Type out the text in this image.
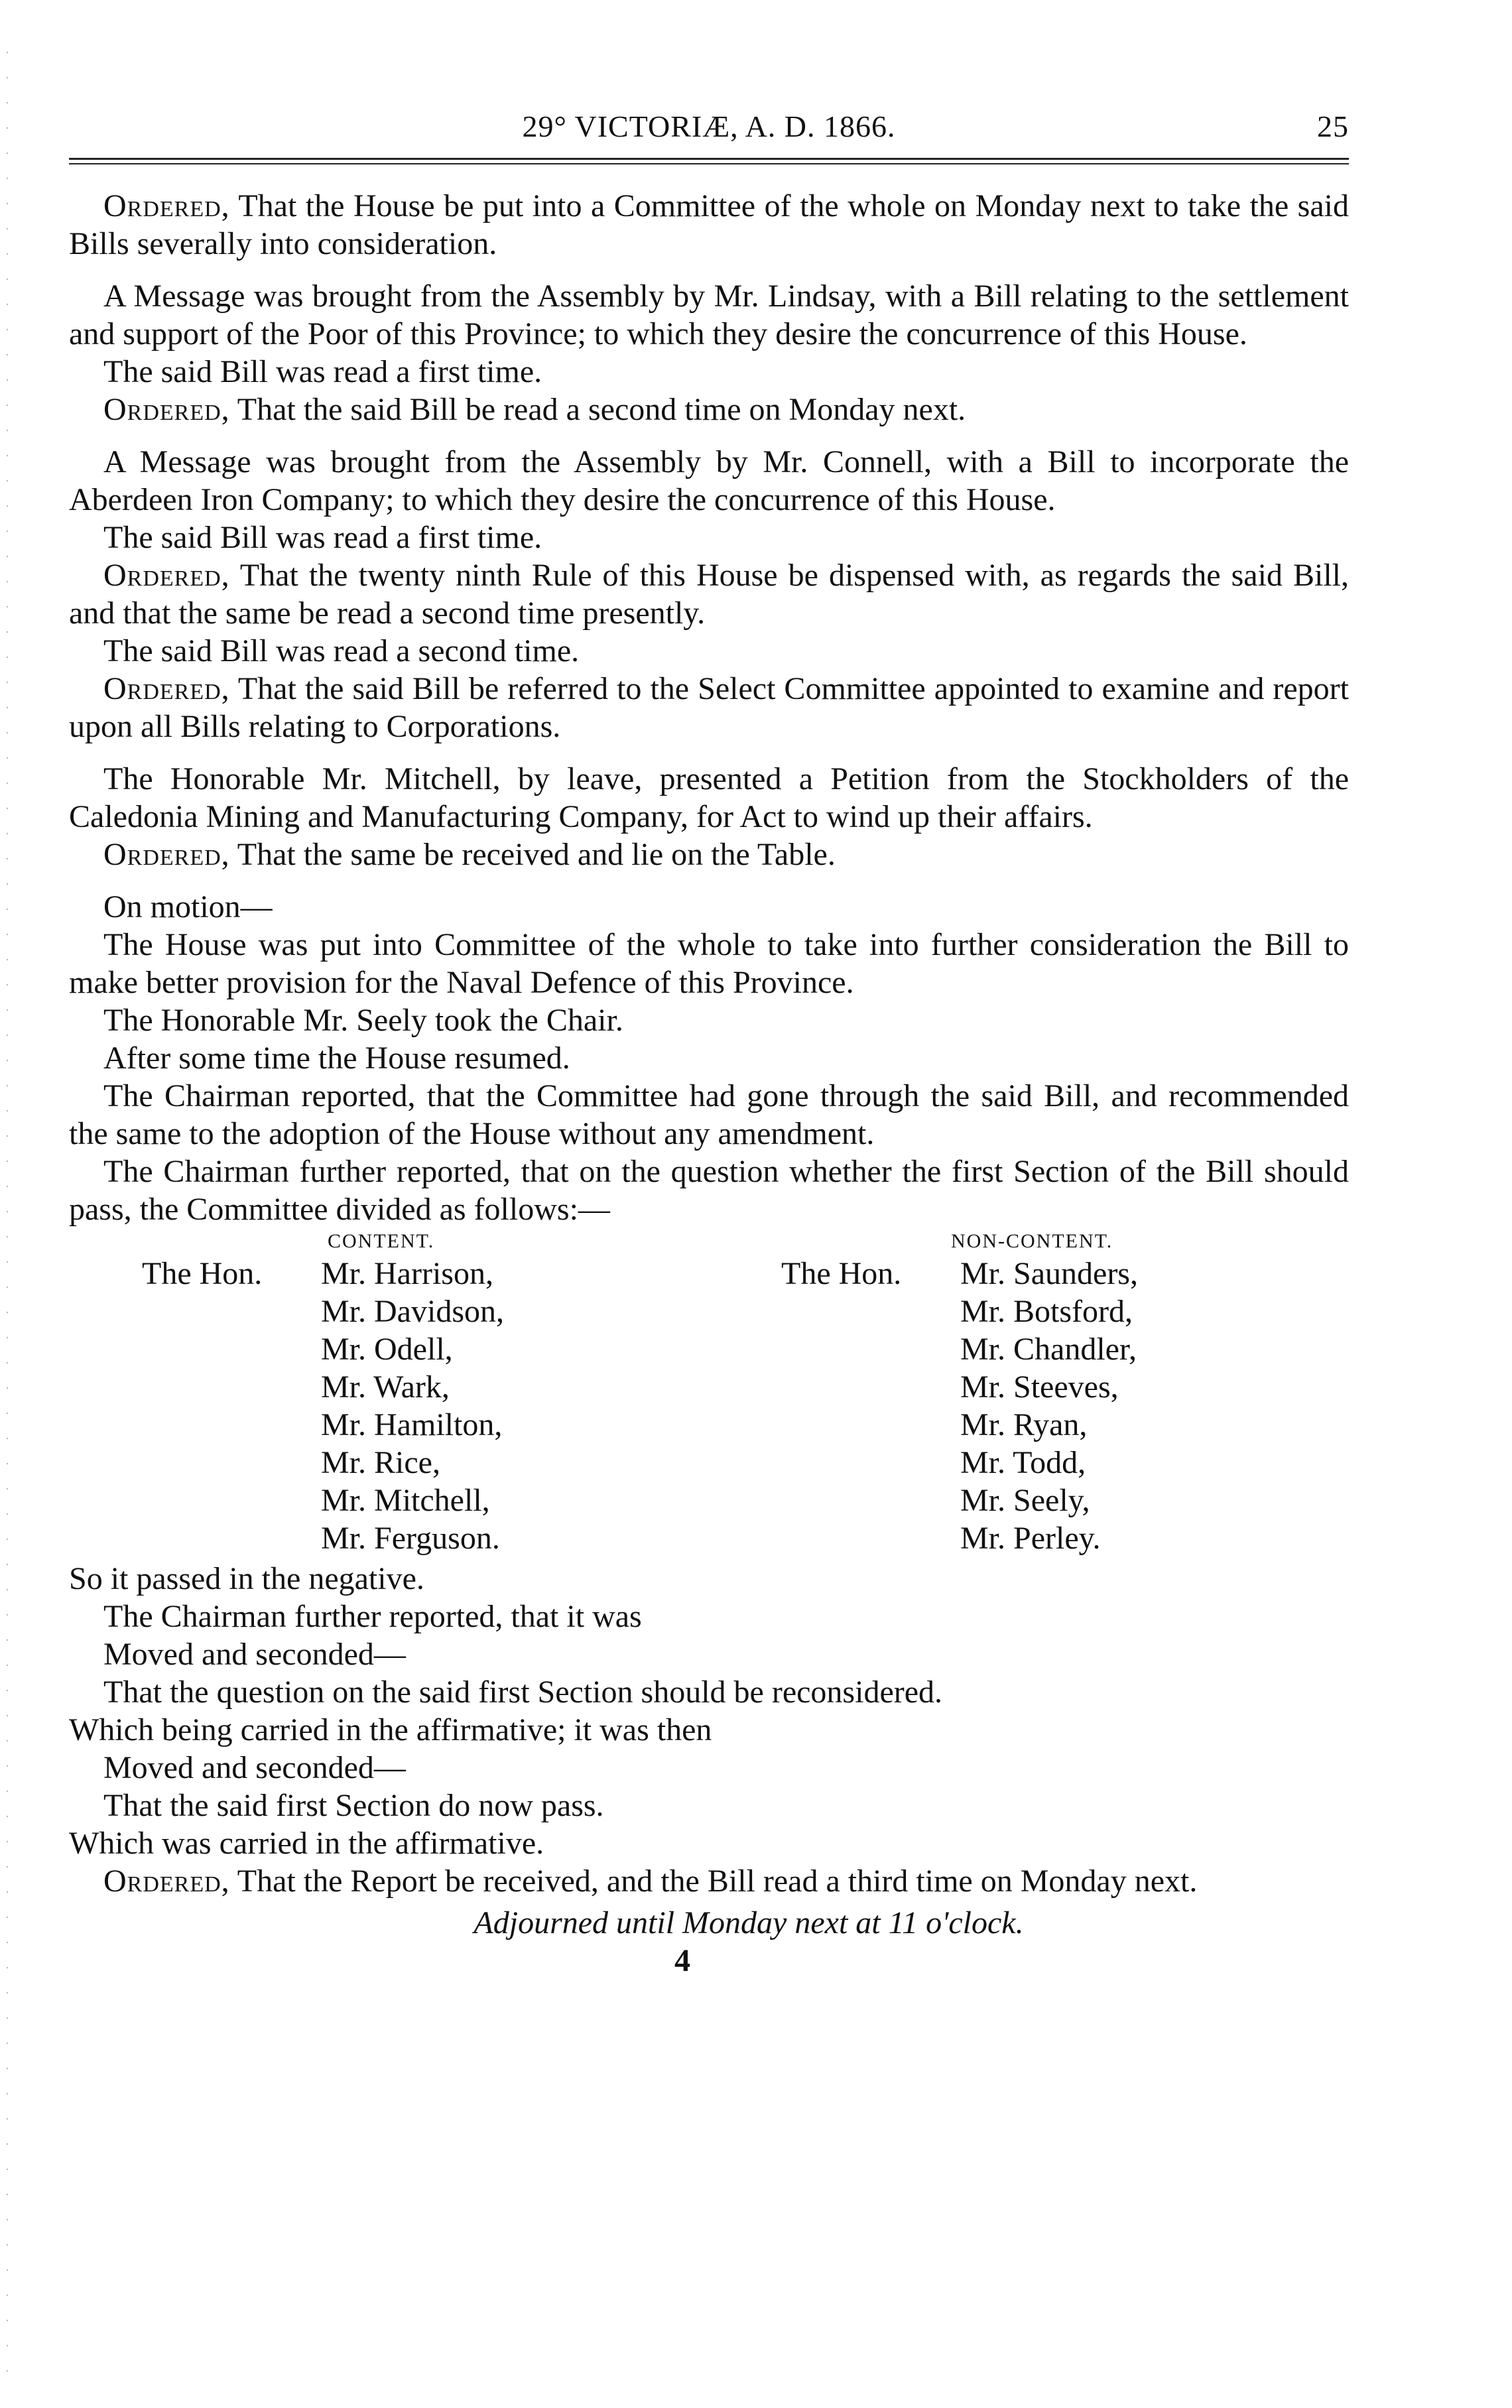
29° VICTORIÆ, A. D. 1866.	25

Ordered, That the House be put into a Committee of the whole on Monday next to take the said Bills severally into consideration.

A Message was brought from the Assembly by Mr. Lindsay, with a Bill relating to the settlement and support of the Poor of this Province; to which they desire the concurrence of this House.

The said Bill was read a first time.

Ordered, That the said Bill be read a second time on Monday next.

A Message was brought from the Assembly by Mr. Connell, with a Bill to incorporate the Aberdeen Iron Company; to which they desire the concurrence of this House.

The said Bill was read a first time.

Ordered, That the twenty ninth Rule of this House be dispensed with, as regards the said Bill, and that the same be read a second time presently.

The said Bill was read a second time.

Ordered, That the said Bill be referred to the Select Committee appointed to examine and report upon all Bills relating to Corporations.

The Honorable Mr. Mitchell, by leave, presented a Petition from the Stockholders of the Caledonia Mining and Manufacturing Company, for Act to wind up their affairs.

Ordered, That the same be received and lie on the Table.

On motion—

The House was put into Committee of the whole to take into further consideration the Bill to make better provision for the Naval Defence of this Province.

The Honorable Mr. Seely took the Chair.

After some time the House resumed.

The Chairman reported, that the Committee had gone through the said Bill, and recommended the same to the adoption of the House without any amendment.

The Chairman further reported, that on the question whether the first Section of the Bill should pass, the Committee divided as follows:—

CONTENT.	NON-CONTENT.
The Hon. Mr. Harrison,
Mr. Davidson,
Mr. Odell,
Mr. Wark,
Mr. Hamilton,
Mr. Rice,
Mr. Mitchell,
Mr. Ferguson.
The Hon. Mr. Saunders,
Mr. Botsford,
Mr. Chandler,
Mr. Steeves,
Mr. Ryan,
Mr. Todd,
Mr. Seely,
Mr. Perley.

So it passed in the negative.

The Chairman further reported, that it was

Moved and seconded—

That the question on the said first Section should be reconsidered.

Which being carried in the affirmative; it was then

Moved and seconded—

That the said first Section do now pass.

Which was carried in the affirmative.

Ordered, That the Report be received, and the Bill read a third time on Monday next.

Adjourned until Monday next at 11 o'clock.
4
